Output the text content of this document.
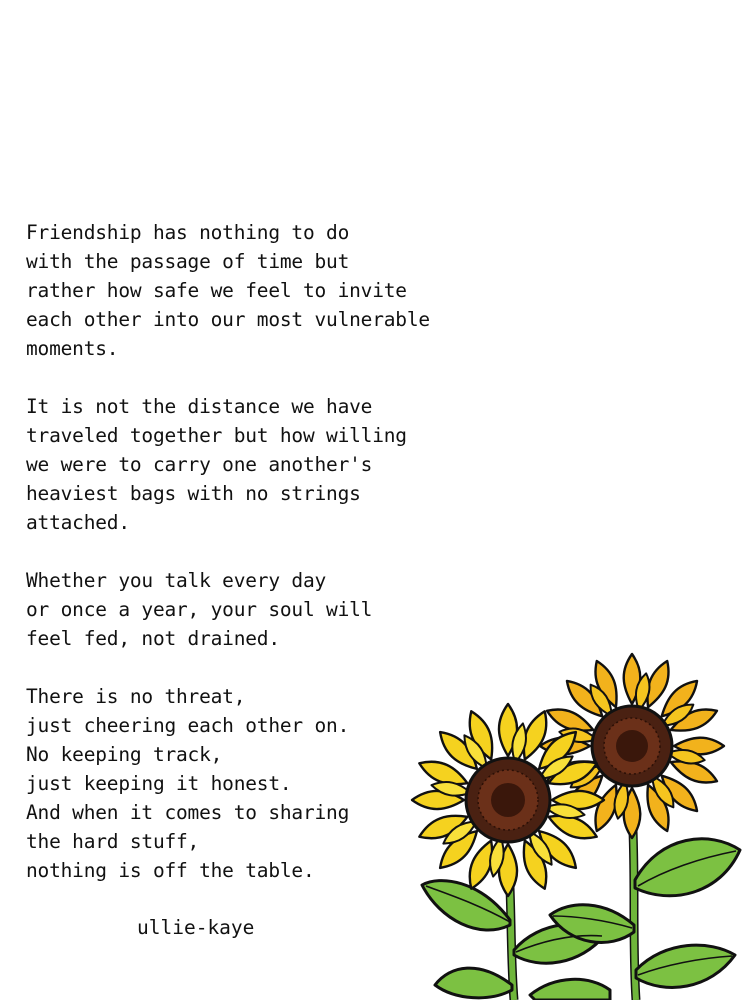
Friendship has nothing to do
with the passage of time but
rather how safe we feel to invite
each other into our most vulnerable
moments.
It is not the distance we have
traveled together but how willing
we were to carry one another's
heaviest bags with no strings
attached.
Whether you talk every day
or once a year, your soul will
feel fed, not drained.
There is no threat,
just cheering each other on.
No keeping track,
just keeping it honest.
And when it comes to sharing
the hard stuff,
nothing is off the table.
ullie-kaye
